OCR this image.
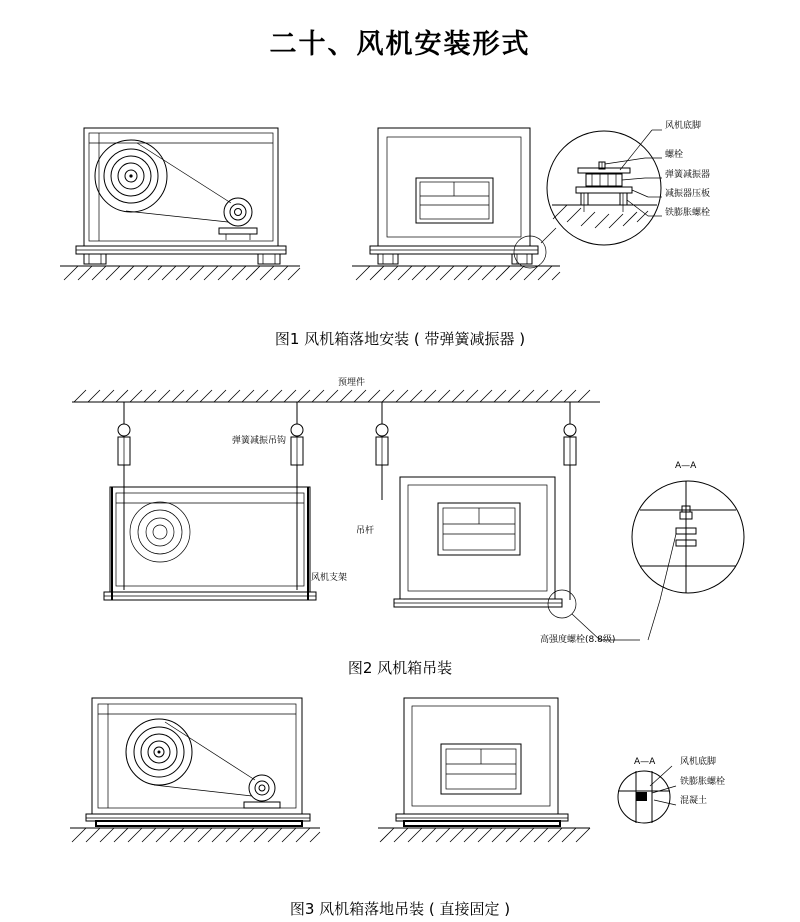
二十、风机安装形式
风机底脚
螺栓
弹簧减振器
减振器压板
铁膨胀螺栓
预埋件
弹簧减振吊钩
吊杆
风机支架
高强度螺栓(8.8级)
A—A
A—A	风机底脚
铁膨胀螺栓
混凝土
图1 风机箱落地安装 ( 带弹簧减振器 )
图2 风机箱吊装
图3 风机箱落地吊装 ( 直接固定 )
